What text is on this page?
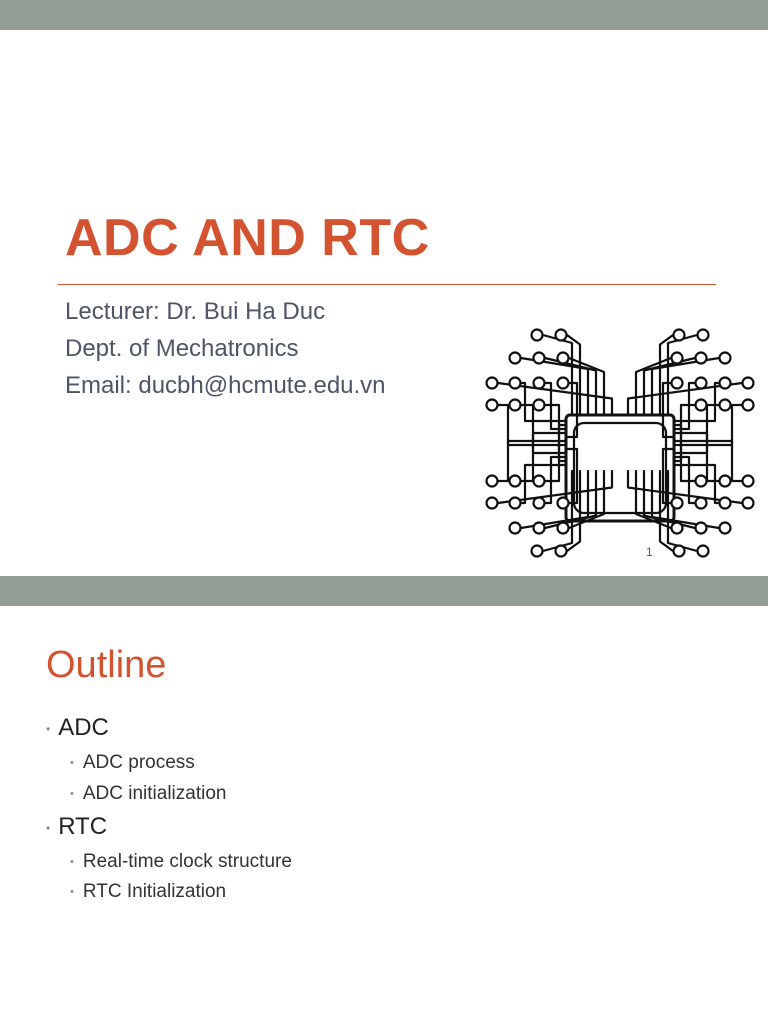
ADC AND RTC
Lecturer: Dr. Bui Ha Duc
Dept. of Mechatronics
Email: ducbh@hcmute.edu.vn
1
Outline
• ADC
• ADC process
• ADC initialization
• RTC
• Real-time clock structure
• RTC Initialization
